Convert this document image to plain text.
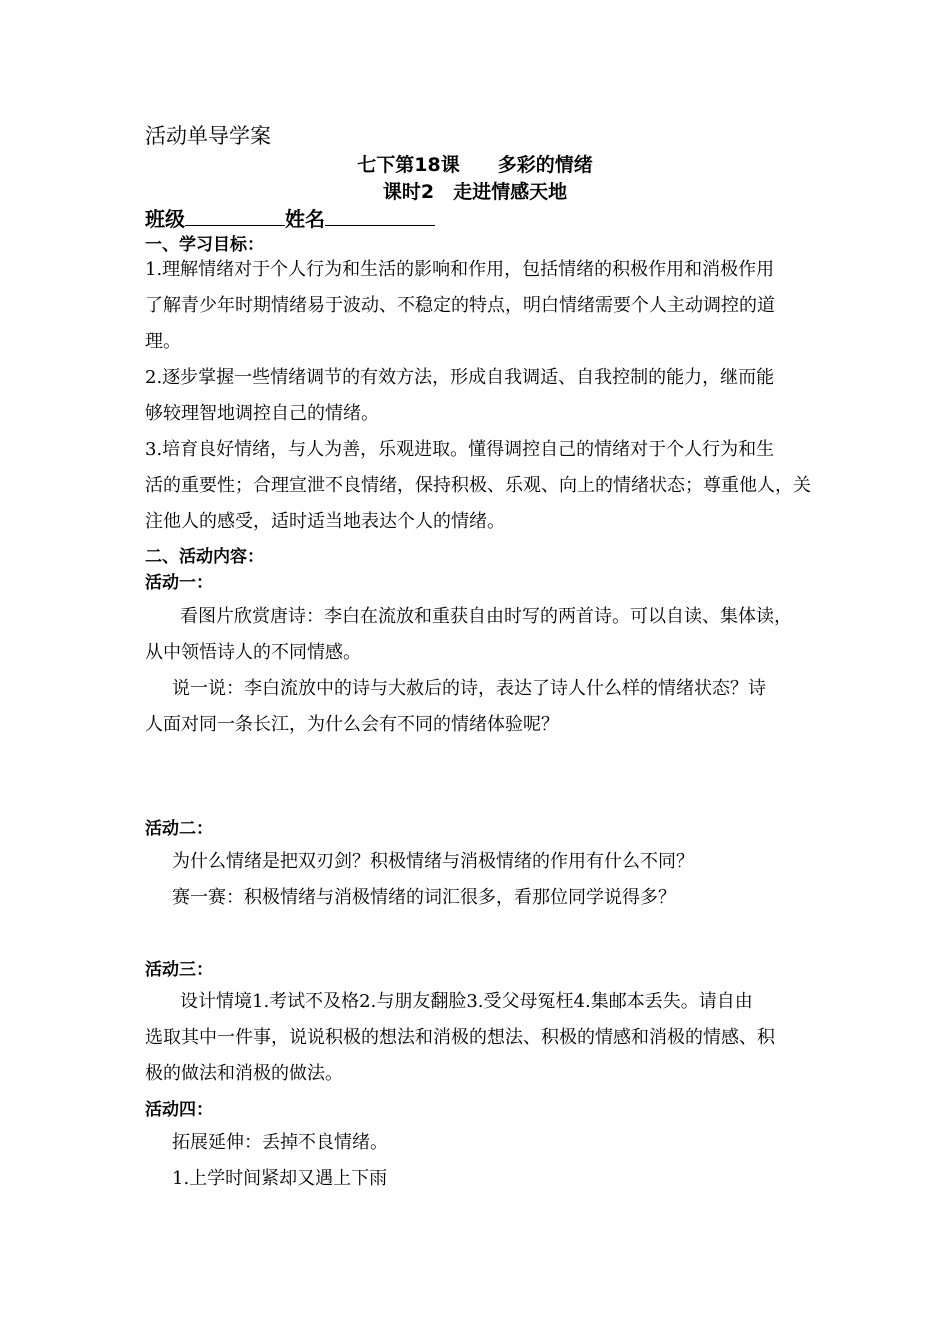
活动单导学案
七下第18课　　多彩的情绪
课时2　走进情感天地
班级	姓名
一、学习目标：
1.理解情绪对于个人行为和生活的影响和作用，包括情绪的积极作用和消极作用
了解青少年时期情绪易于波动、不稳定的特点，明白情绪需要个人主动调控的道
理。
2.逐步掌握一些情绪调节的有效方法，形成自我调适、自我控制的能力，继而能
够较理智地调控自己的情绪。
3.培育良好情绪，与人为善，乐观进取。懂得调控自己的情绪对于个人行为和生
活的重要性；合理宣泄不良情绪，保持积极、乐观、向上的情绪状态；尊重他人，关
注他人的感受，适时适当地表达个人的情绪。
二、活动内容：
活动一：
看图片欣赏唐诗：李白在流放和重获自由时写的两首诗。可以自读、集体读，
从中领悟诗人的不同情感。
说一说：李白流放中的诗与大赦后的诗，表达了诗人什么样的情绪状态？诗
人面对同一条长江，为什么会有不同的情绪体验呢？
活动二：
为什么情绪是把双刃剑？积极情绪与消极情绪的作用有什么不同？
赛一赛：积极情绪与消极情绪的词汇很多，看那位同学说得多？
活动三：
设计情境1.考试不及格2.与朋友翻脸3.受父母冤枉4.集邮本丢失。请自由
选取其中一件事，说说积极的想法和消极的想法、积极的情感和消极的情感、积
极的做法和消极的做法。
活动四：
拓展延伸：丢掉不良情绪。
1.上学时间紧却又遇上下雨
